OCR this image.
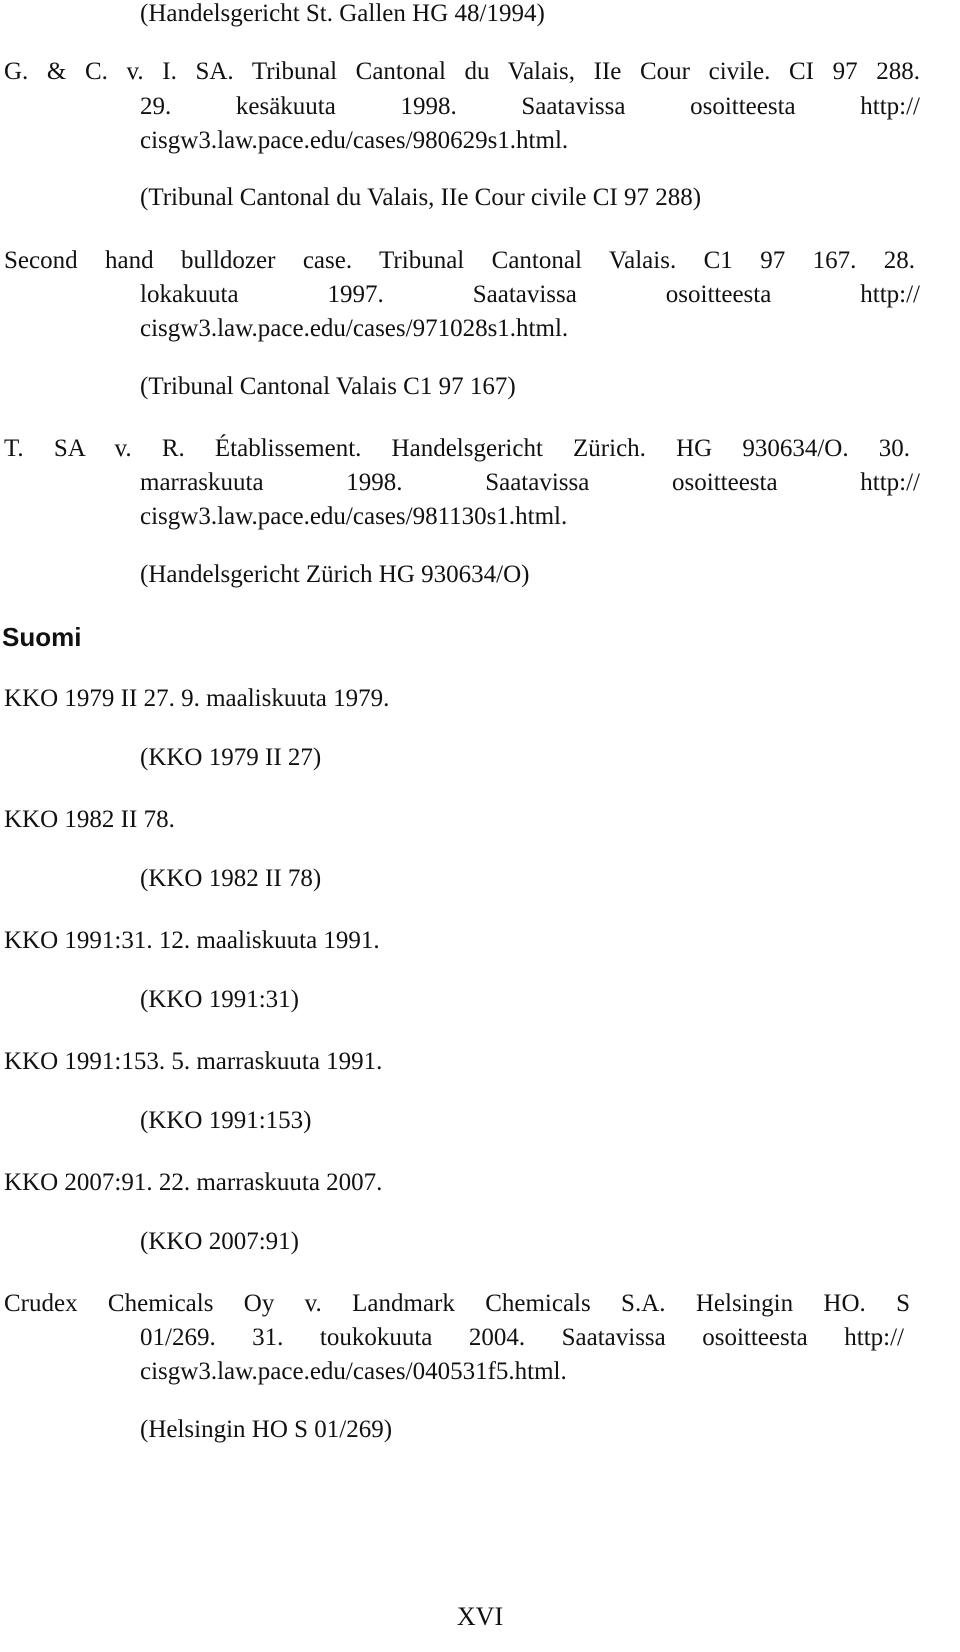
(Handelsgericht St. Gallen HG 48/1994)
G. & C. v. I. SA. Tribunal Cantonal du Valais, IIe Cour civile. CI 97 288.
29. kesäkuuta 1998. Saatavissa osoitteesta http://
cisgw3.law.pace.edu/cases/980629s1.html.
(Tribunal Cantonal du Valais, IIe Cour civile CI 97 288)
Second hand bulldozer case. Tribunal Cantonal Valais. C1 97 167. 28.
lokakuuta 1997. Saatavissa osoitteesta http://
cisgw3.law.pace.edu/cases/971028s1.html.
(Tribunal Cantonal Valais C1 97 167)
T. SA v. R. Établissement. Handelsgericht Zürich. HG 930634/O. 30.
marraskuuta 1998. Saatavissa osoitteesta http://
cisgw3.law.pace.edu/cases/981130s1.html.
(Handelsgericht Zürich HG 930634/O)
Suomi
KKO 1979 II 27. 9. maaliskuuta 1979.
(KKO 1979 II 27)
KKO 1982 II 78.
(KKO 1982 II 78)
KKO 1991:31. 12. maaliskuuta 1991.
(KKO 1991:31)
KKO 1991:153. 5. marraskuuta 1991.
(KKO 1991:153)
KKO 2007:91. 22. marraskuuta 2007.
(KKO 2007:91)
Crudex Chemicals Oy v. Landmark Chemicals S.A. Helsingin HO. S
01/269. 31. toukokuuta 2004. Saatavissa osoitteesta http://
cisgw3.law.pace.edu/cases/040531f5.html.
(Helsingin HO S 01/269)
XVI
